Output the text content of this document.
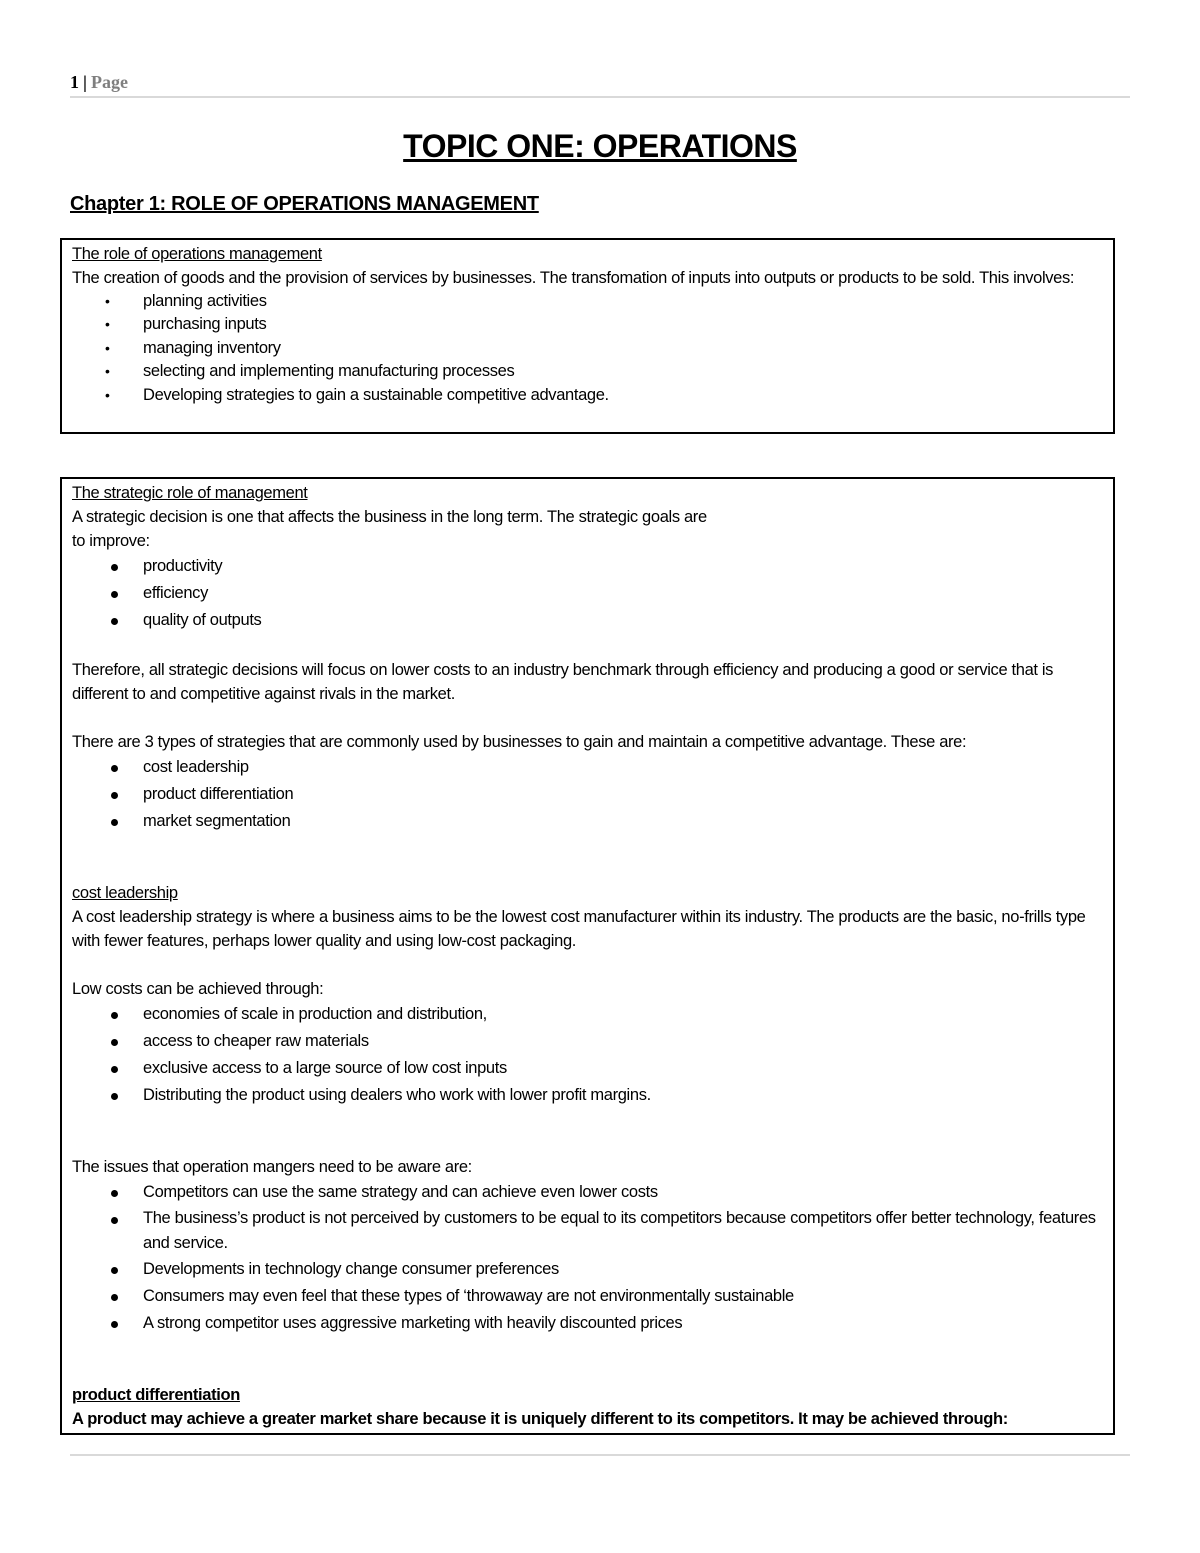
1 | Page
TOPIC ONE: OPERATIONS
Chapter 1: ROLE OF OPERATIONS MANAGEMENT
The role of operations management
The creation of goods and the provision of services by businesses. The transfomation of inputs into outputs or products to be sold. This involves:
• planning activities
• purchasing inputs
• managing inventory
• selecting and implementing manufacturing processes
• Developing strategies to gain a sustainable competitive advantage.
The strategic role of management
A strategic decision is one that affects the business in the long term. The strategic goals are
to improve:
productivity
efficiency
quality of outputs
Therefore, all strategic decisions will focus on lower costs to an industry benchmark through efficiency and producing a good or service that is different to and competitive against rivals in the market.
There are 3 types of strategies that are commonly used by businesses to gain and maintain a competitive advantage. These are:
cost leadership
product differentiation
market segmentation
cost leadership
A cost leadership strategy is where a business aims to be the lowest cost manufacturer within its industry. The products are the basic, no-frills type with fewer features, perhaps lower quality and using low-cost packaging.
Low costs can be achieved through:
economies of scale in production and distribution,
access to cheaper raw materials
exclusive access to a large source of low cost inputs
Distributing the product using dealers who work with lower profit margins.
The issues that operation mangers need to be aware are:
Competitors can use the same strategy and can achieve even lower costs
The business’s product is not perceived by customers to be equal to its competitors because competitors offer better technology, features and service.
Developments in technology change consumer preferences
Consumers may even feel that these types of ‘throwaway are not environmentally sustainable
A strong competitor uses aggressive marketing with heavily discounted prices
product differentiation
A product may achieve a greater market share because it is uniquely different to its competitors. It may be achieved through:
